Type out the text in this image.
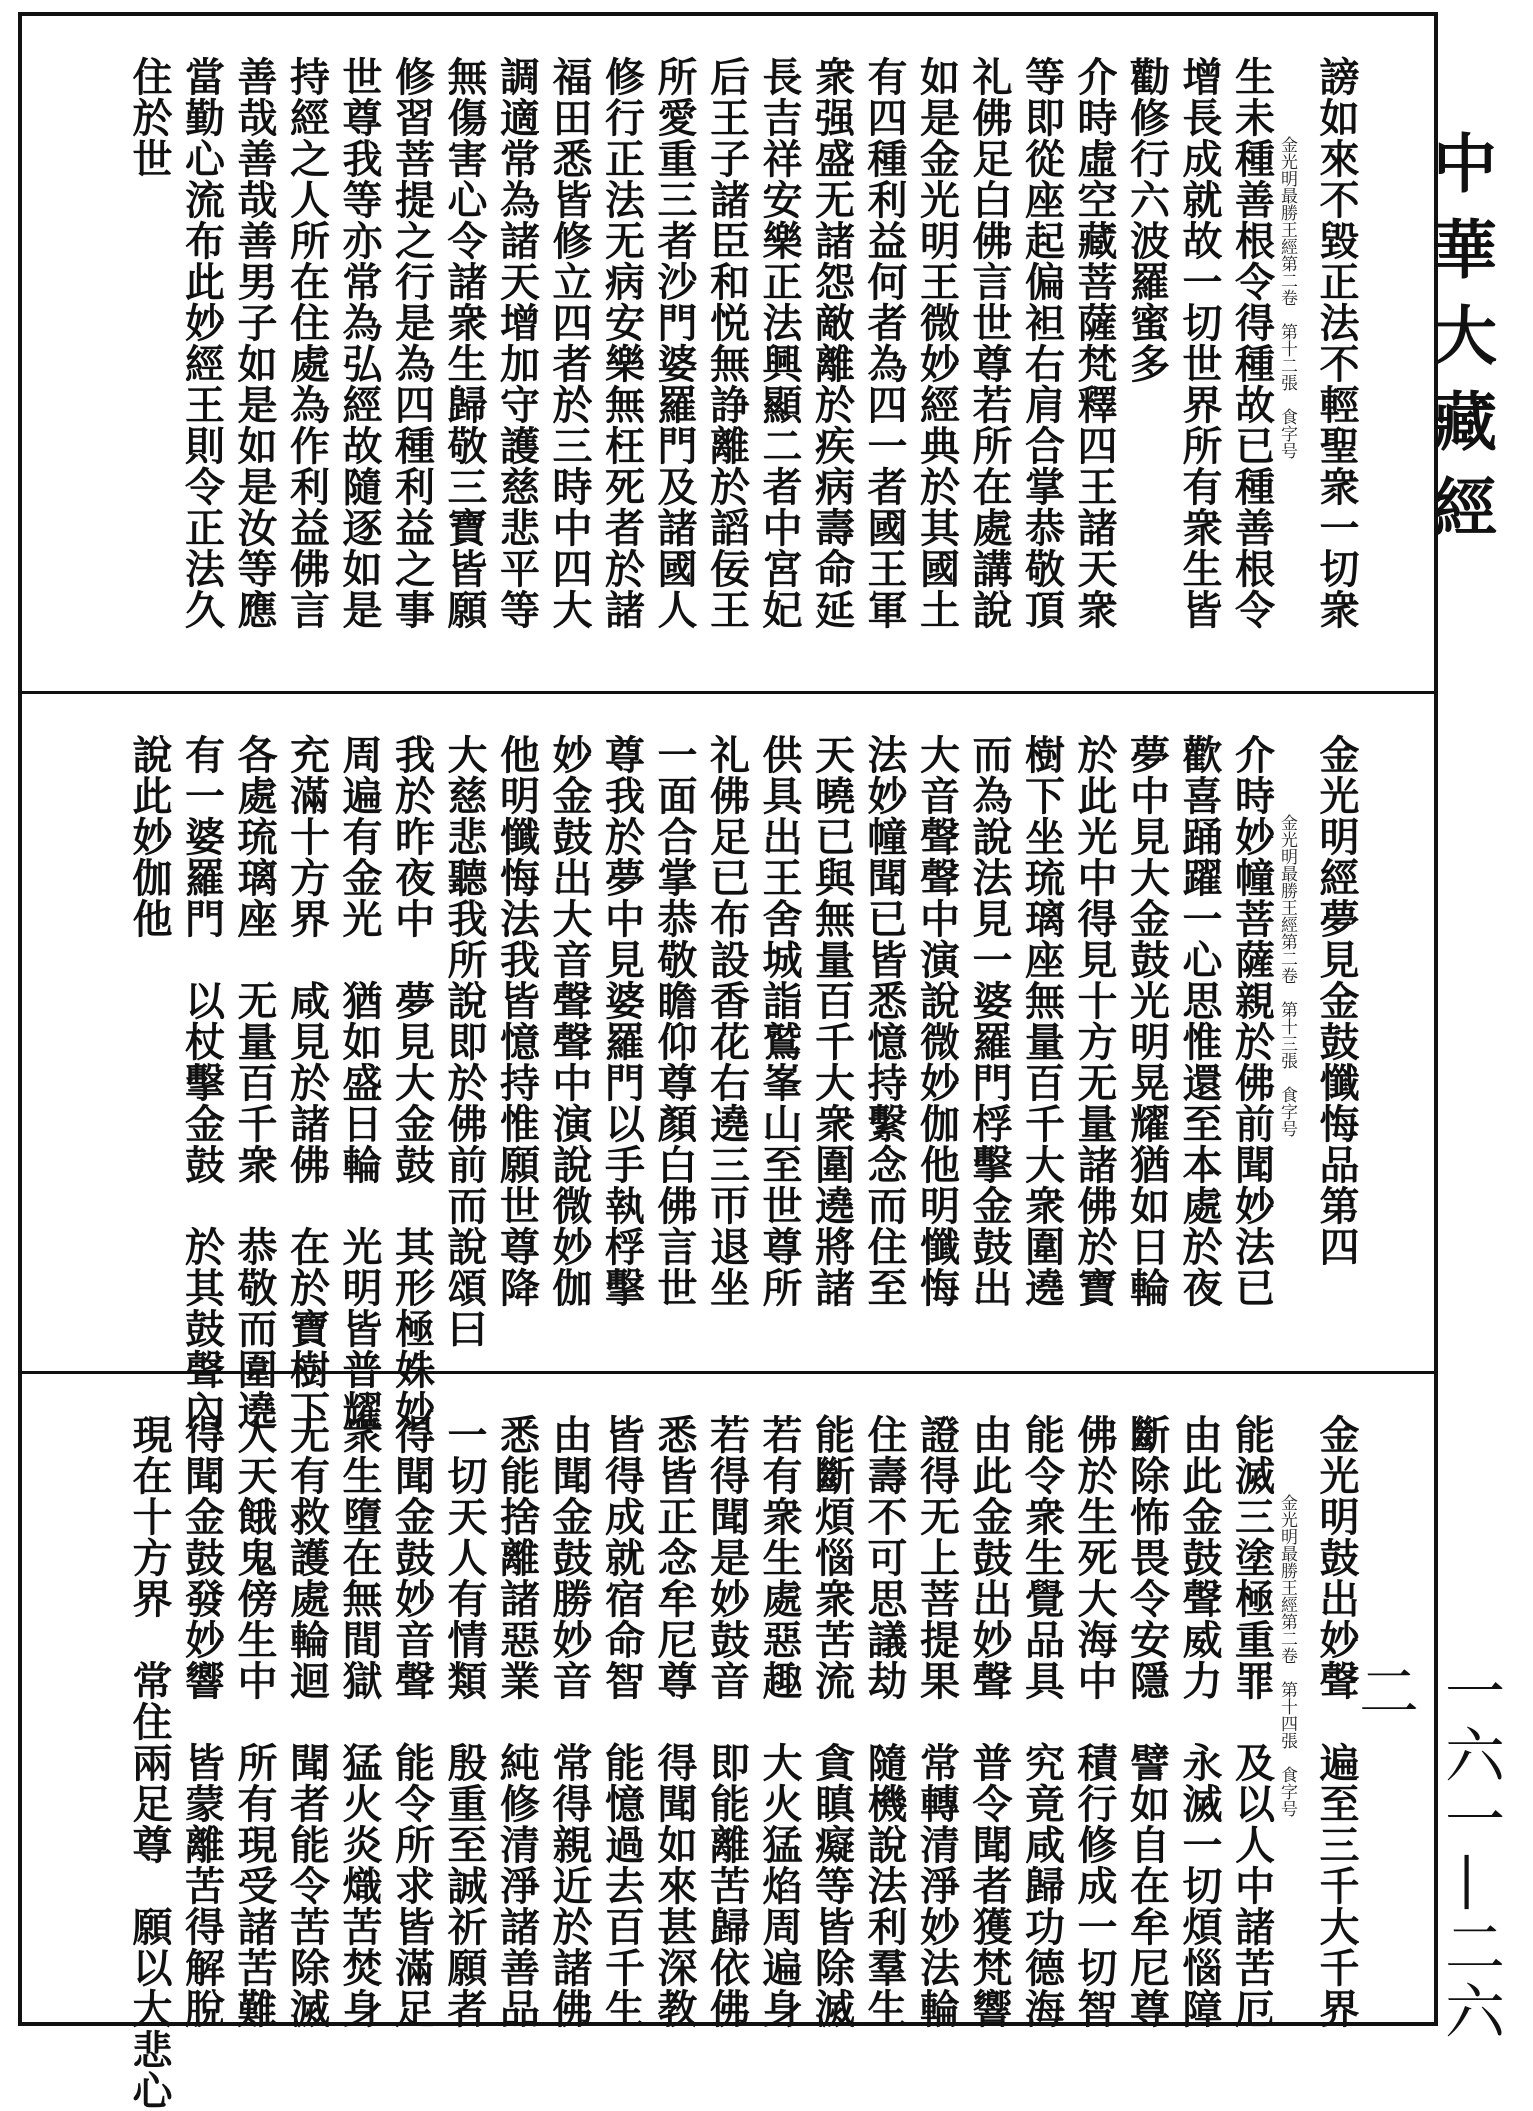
金光明最勝王經第二卷　第十二張　食字号 謗如來不毀正法不輕聖衆一切衆
生未種善根令得種故已種善根令
增長成就故一切世界所有衆生皆
勸修行六波羅蜜多
介時虛空藏菩薩梵釋四王諸天衆
等即從座起偏袒右肩合掌恭敬頂
礼佛足白佛言世尊若所在處講說
如是金光明王微妙經典於其國土
有四種利益何者為四一者國王軍
衆强盛无諸怨敵離於疾病壽命延
長吉祥安樂正法興顯二者中宮妃
后王子諸臣和悦無諍離於謟佞王
所愛重三者沙門婆羅門及諸國人
修行正法无病安樂無枉死者於諸
福田悉皆修立四者於三時中四大
調適常為諸天增加守護慈悲平等
無傷害心令諸衆生歸敬三寶皆願
修習菩提之行是為四種利益之事
世尊我等亦常為弘經故隨逐如是
持經之人所在住處為作利益佛言
善哉善哉善男子如是如是汝等應
當勤心流布此妙經王則令正法久
住於世
金光明最勝王經第二卷　第十三張　食字号 金光明經夢見金鼓懺悔品第四
介時妙幢菩薩親於佛前聞妙法已
歡喜踊躍一心思惟還至本處於夜
夢中見大金鼓光明晃耀猶如日輪
於此光中得見十方无量諸佛於寶
樹下坐琉璃座無量百千大衆圍遶
而為說法見一婆羅門桴擊金鼓出
大音聲聲中演說微妙伽他明懺悔
法妙幢聞已皆悉憶持繫念而住至
天曉已與無量百千大衆圍遶將諸
供具出王舍城詣鷲峯山至世尊所
礼佛足已布設香花右遶三帀退坐
一面合掌恭敬瞻仰尊顏白佛言世
尊我於夢中見婆羅門以手執桴擊
妙金鼓出大音聲聲中演說微妙伽
他明懺悔法我皆憶持惟願世尊降
大慈悲聽我所說即於佛前而說頌曰
我於昨夜中　夢見大金鼓　其形極姝妙
周遍有金光　猶如盛日輪　光明皆普耀
充滿十方界　咸見於諸佛　在於寶樹下
各處琉璃座　无量百千衆　恭敬而圍遶
有一婆羅門　以杖擊金鼓　於其鼓聲內
說此妙伽他
金光明最勝王經第二卷　第十四張　食字号 金光明鼓出妙聲　遍至三千大千界
能滅三塗極重罪　及以人中諸苦厄
由此金鼓聲威力　永滅一切煩惱障
斷除怖畏令安隱　譬如自在牟尼尊
佛於生死大海中　積行修成一切智
能令衆生覺品具　究竟咸歸功德海
由此金鼓出妙聲　普令聞者獲梵響
證得无上菩提果　常轉清淨妙法輪
住壽不可思議劫　隨機說法利羣生
能斷煩惱衆苦流　貪瞋癡等皆除滅
若有衆生處惡趣　大火猛焰周遍身
若得聞是妙鼓音　即能離苦歸依佛
悉皆正念牟尼尊　得聞如來甚深教
皆得成就宿命智　能憶過去百千生
由聞金鼓勝妙音　常得親近於諸佛
悉能捨離諸惡業　純修清淨諸善品
一切天人有情類　殷重至誠祈願者
得聞金鼓妙音聲　能令所求皆滿足
衆生墮在無間獄　猛火炎熾苦焚身
无有救護處輪迴　聞者能令苦除滅
人天餓鬼傍生中　所有現受諸苦難
得聞金鼓發妙響　皆蒙離苦得解脫
現在十方界　常住兩足尊　願以大悲心
中華大藏經
一六一—二六二
